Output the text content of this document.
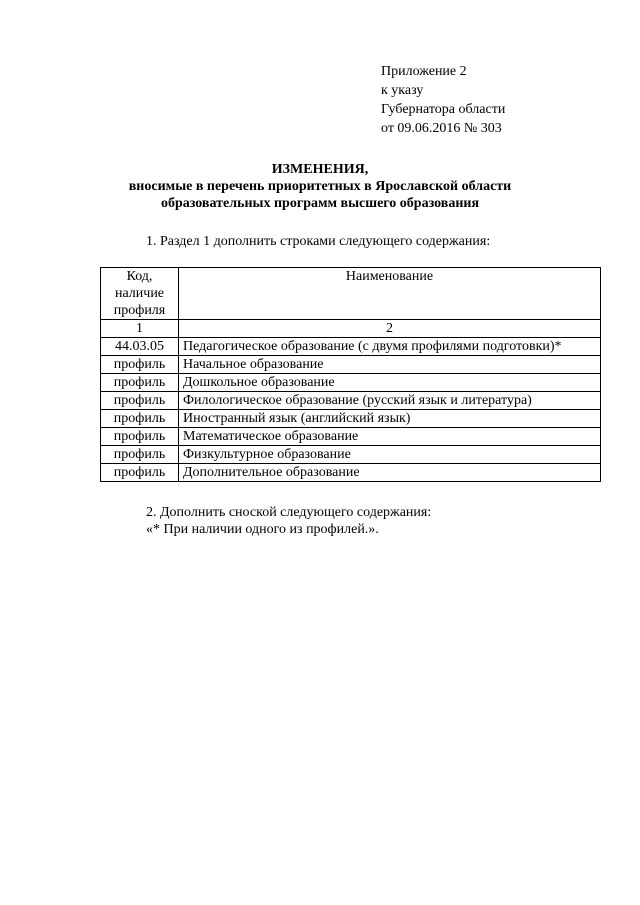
Приложение 2
к указу
Губернатора области
от 09.06.2016 № 303
ИЗМЕНЕНИЯ,
вносимые в перечень приоритетных в Ярославской области
образовательных программ высшего образования
1. Раздел 1 дополнить строками следующего содержания:
Код,
наличие
профиля	Наименование
1	2
44.03.05	Педагогическое образование (с двумя профилями подготовки)*
профиль	Начальное образование
профиль	Дошкольное образование
профиль	Филологическое образование (русский язык и литература)
профиль	Иностранный язык (английский язык)
профиль	Математическое образование
профиль	Физкультурное образование
профиль	Дополнительное образование
2. Дополнить сноской следующего содержания:
«* При наличии одного из профилей.».
